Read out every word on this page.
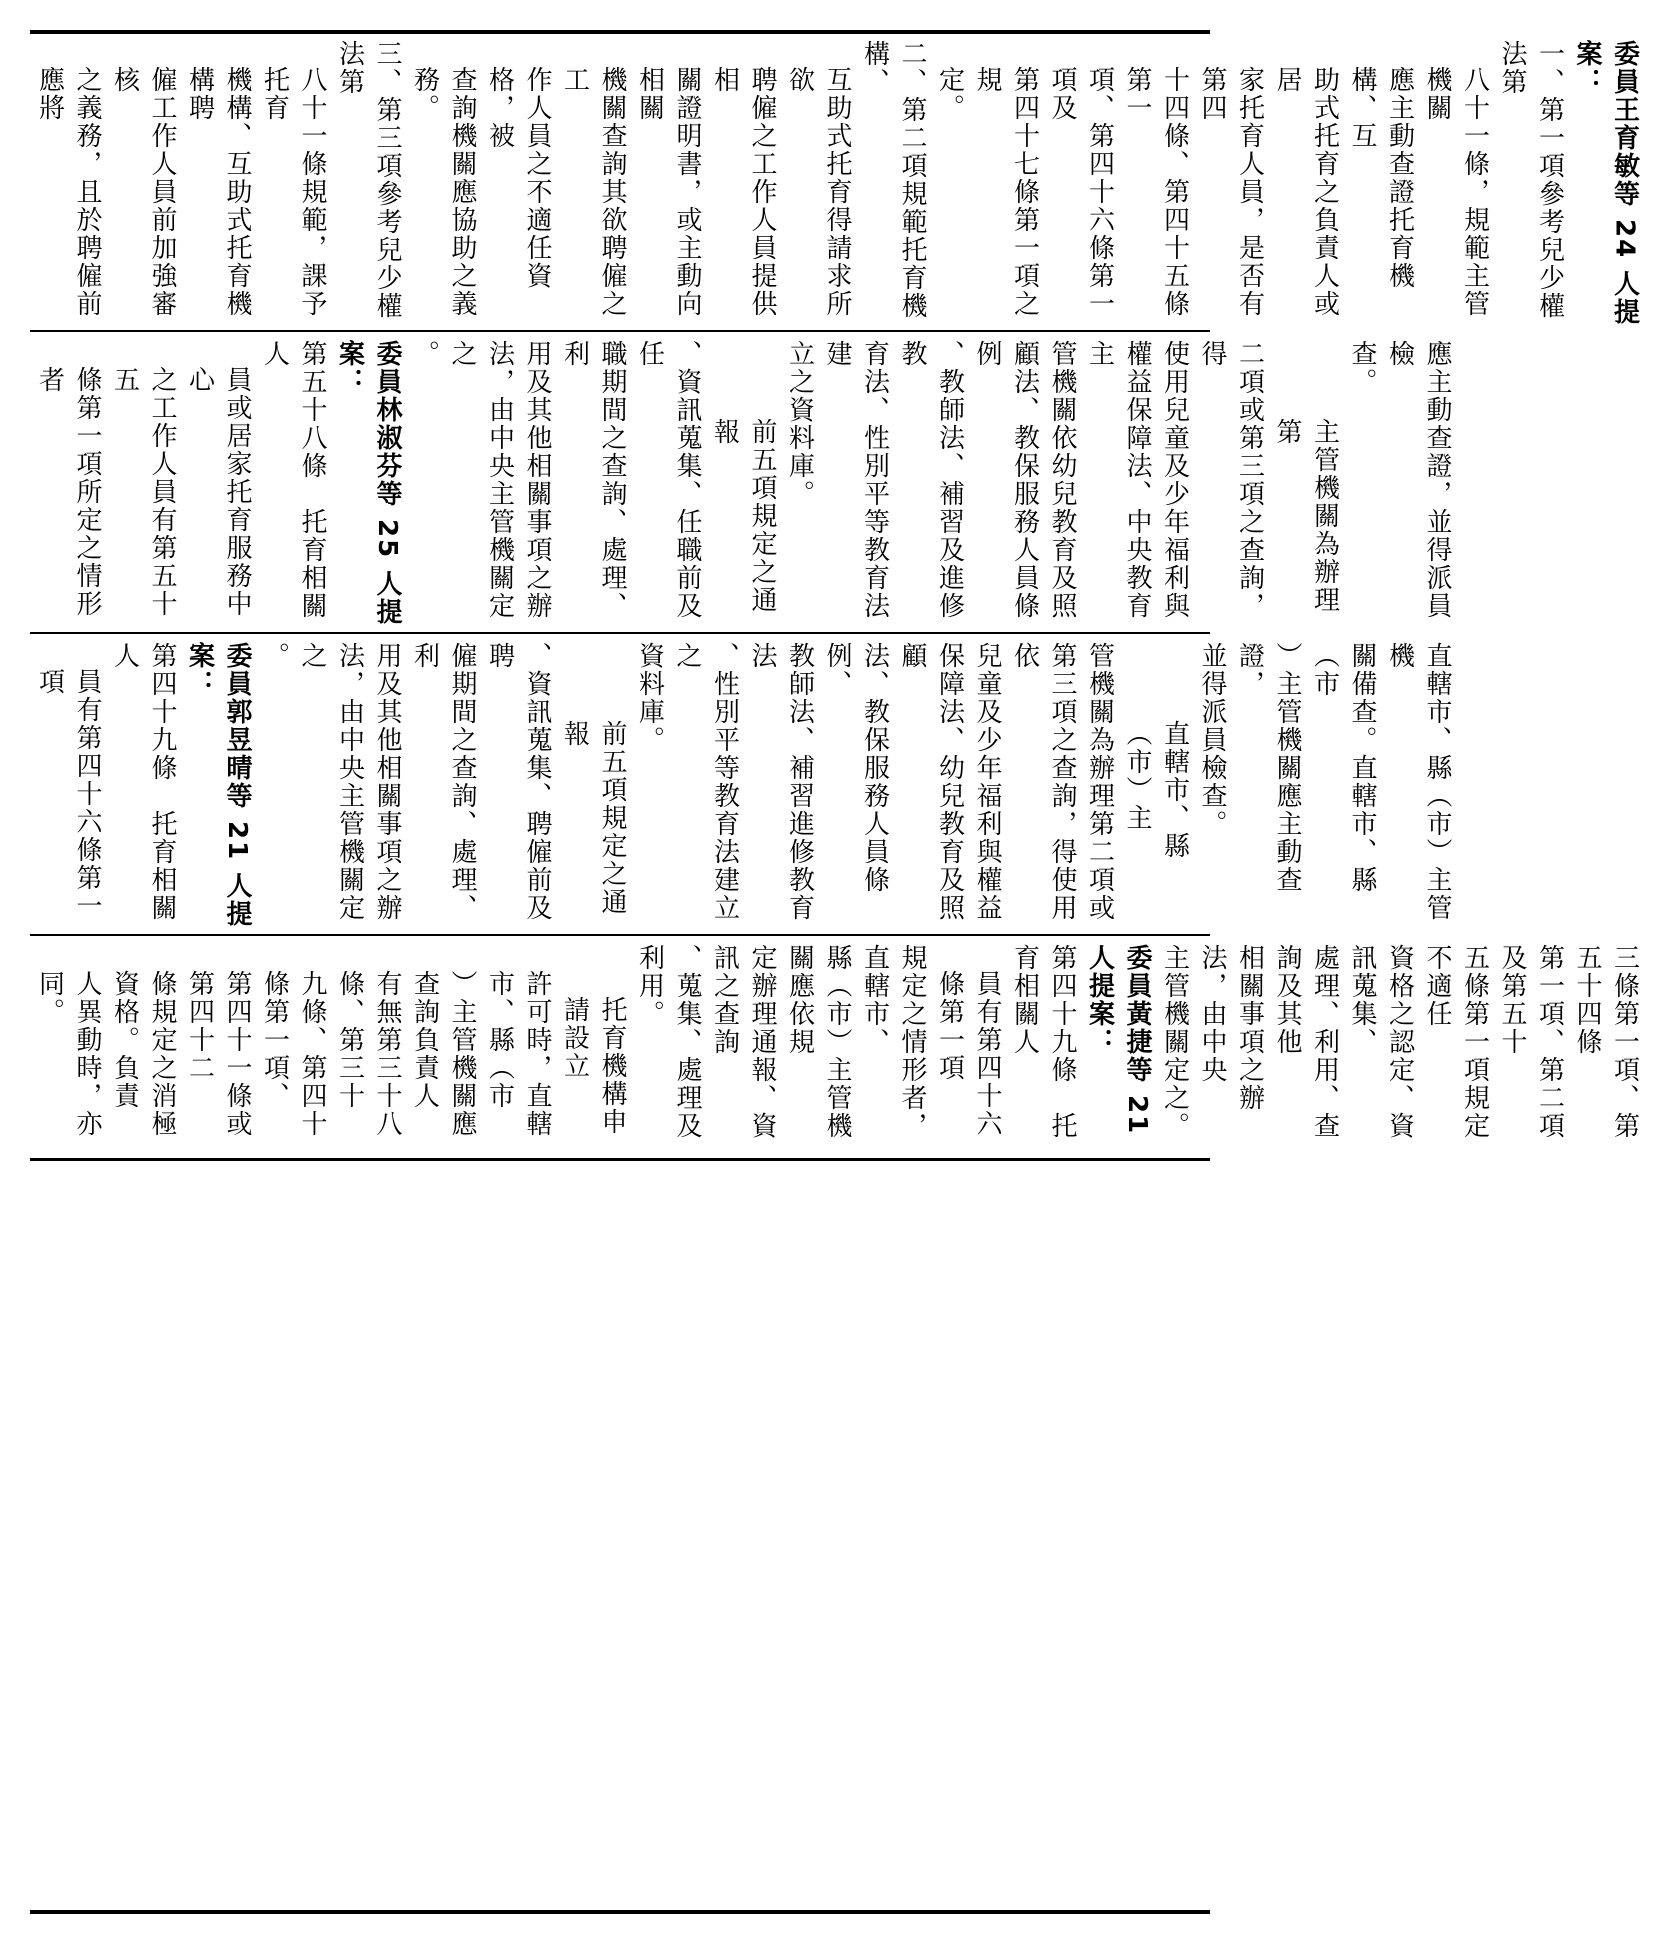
委員王育敏等 24 人提案：

一、第一項參考兒少權法第

八十一條，規範主管機關

應主動查證托育機構、互

助式托育之負責人或居

家托育人員，是否有第四

十四條、第四十五條第一

項、第四十六條第一項及

第四十七條第一項之規

定。

二、第二項規範托育機構、

互助式托育得請求所欲

聘僱之工作人員提供相

關證明書，或主動向相關

機關查詢其欲聘僱之工

作人員之不適任資格，被

查詢機關應協助之義務。

三、第三項參考兒少權法第

八十一條規範，課予托育

機構、互助式托育機構聘

僱工作人員前加強審核

之義務，且於聘僱前應將

應主動查證，並得派員檢

查。

主管機關為辦理第

二項或第三項之查詢，得

使用兒童及少年福利與

權益保障法、中央教育主

管機關依幼兒教育及照

顧法、教保服務人員條例

、教師法、補習及進修教

育法、性別平等教育法建

立之資料庫。

前五項規定之通報

、資訊蒐集、任職前及任

職期間之查詢、處理、利

用及其他相關事項之辦

法，由中央主管機關定之

。

委員林淑芬等 25 人提案：

第五十八條　托育相關人

員或居家托育服務中心

之工作人員有第五十五

條第一項所定之情形者

直轄市、縣（市）主管機

關備查。直轄市、縣（市

）主管機關應主動查證，

並得派員檢查。

直轄市、縣（市）主

管機關為辦理第二項或

第三項之查詢，得使用依

兒童及少年福利與權益

保障法、幼兒教育及照顧

法、教保服務人員條例、

教師法、補習進修教育法

、性別平等教育法建立之

資料庫。

前五項規定之通報

、資訊蒐集、聘僱前及聘

僱期間之查詢、處理、利

用及其他相關事項之辦

法，由中央主管機關定之

。

委員郭昱晴等 21 人提案：

第四十九條　托育相關人

員有第四十六條第一項

三條第一項、第五十四條

第一項、第二項及第五十

五條第一項規定不適任

資格之認定、資訊蒐集、

處理、利用、查詢及其他

相關事項之辦法，由中央

主管機關定之。

委員黃捷等 21 人提案：

第四十九條　托育相關人

員有第四十六條第一項

規定之情形者，直轄市、

縣（市）主管機關應依規

定辦理通報、資訊之查詢

、蒐集、處理及利用。

托育機構申請設立

許可時，直轄市、縣（市

）主管機關應查詢負責人

有無第三十八條、第三十

九條、第四十條第一項、

第四十一條或第四十二

條規定之消極資格。負責

人異動時，亦同。
